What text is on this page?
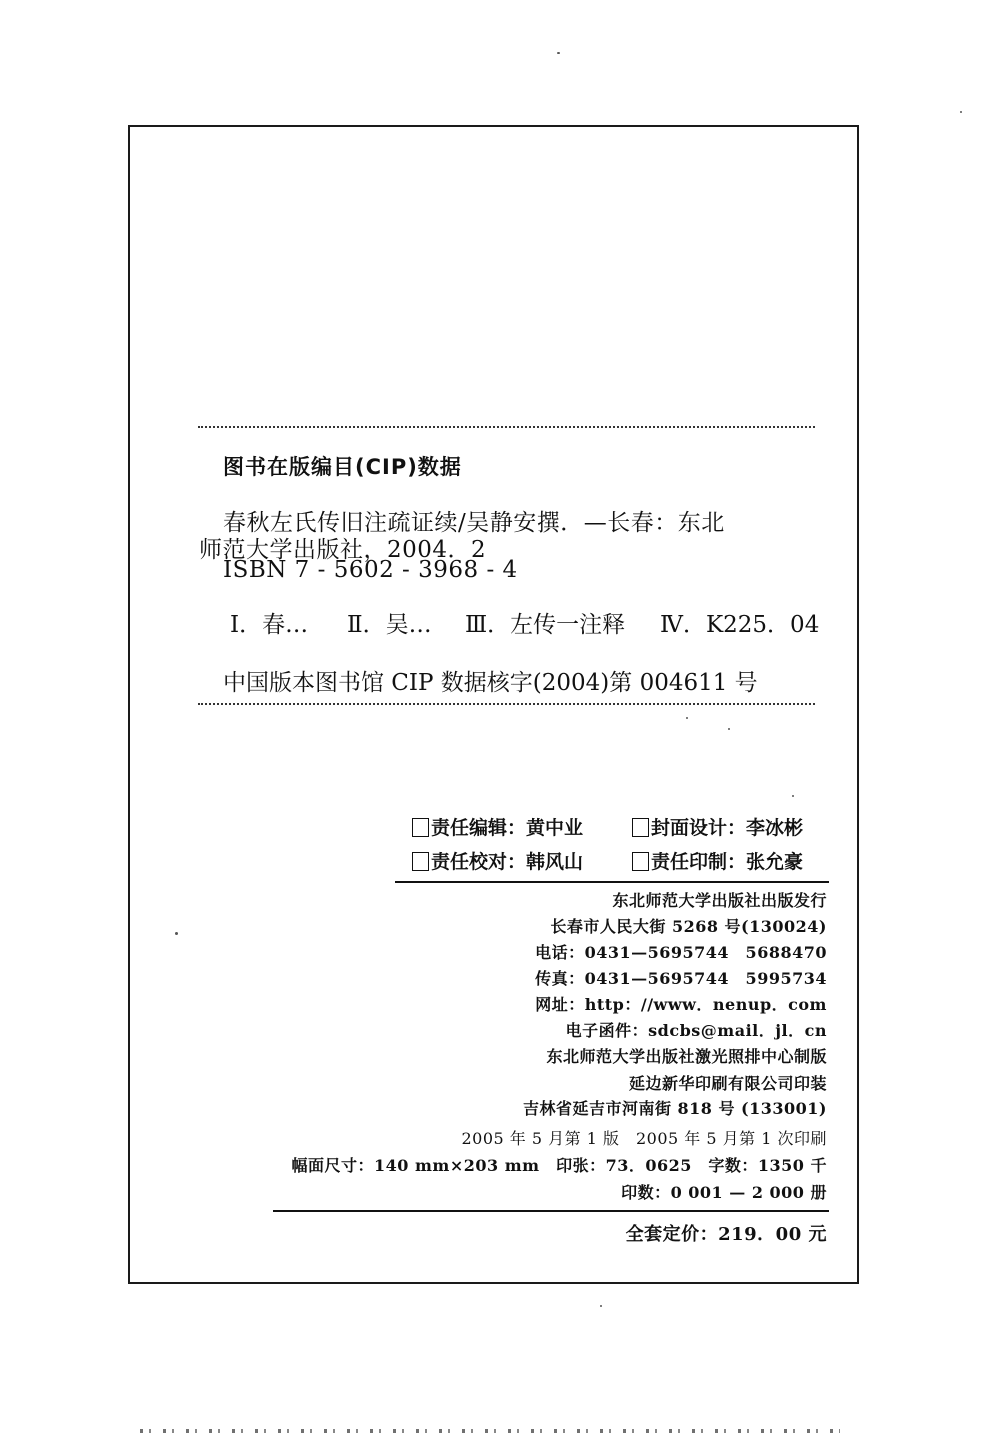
图书在版编目(CIP)数据
春秋左氏传旧注疏证续/吴静安撰．—长春：东北
师范大学出版社，2004．2
ISBN 7 - 5602 - 3968 - 4
Ⅰ．春… Ⅱ．吴… Ⅲ．左传一注释 Ⅳ．K225．04
中国版本图书馆 CIP 数据核字(2004)第 004611 号
责任编辑：黄中业	封面设计：李冰彬
责任校对：韩风山	责任印制：张允豪
东北师范大学出版社出版发行
长春市人民大街 5268 号(130024)
电话：0431—5695744　5688470
传真：0431—5695744　5995734
网址：http：//www．nenup．com
电子函件：sdcbs@mail．jl．cn
东北师范大学出版社激光照排中心制版
延边新华印刷有限公司印装
吉林省延吉市河南街 818 号 (133001)
2005 年 5 月第 1 版　2005 年 5 月第 1 次印刷
幅面尺寸：140 mm×203 mm　印张：73．0625　字数：1350 千
印数：0 001 — 2 000 册
全套定价：219．00 元
